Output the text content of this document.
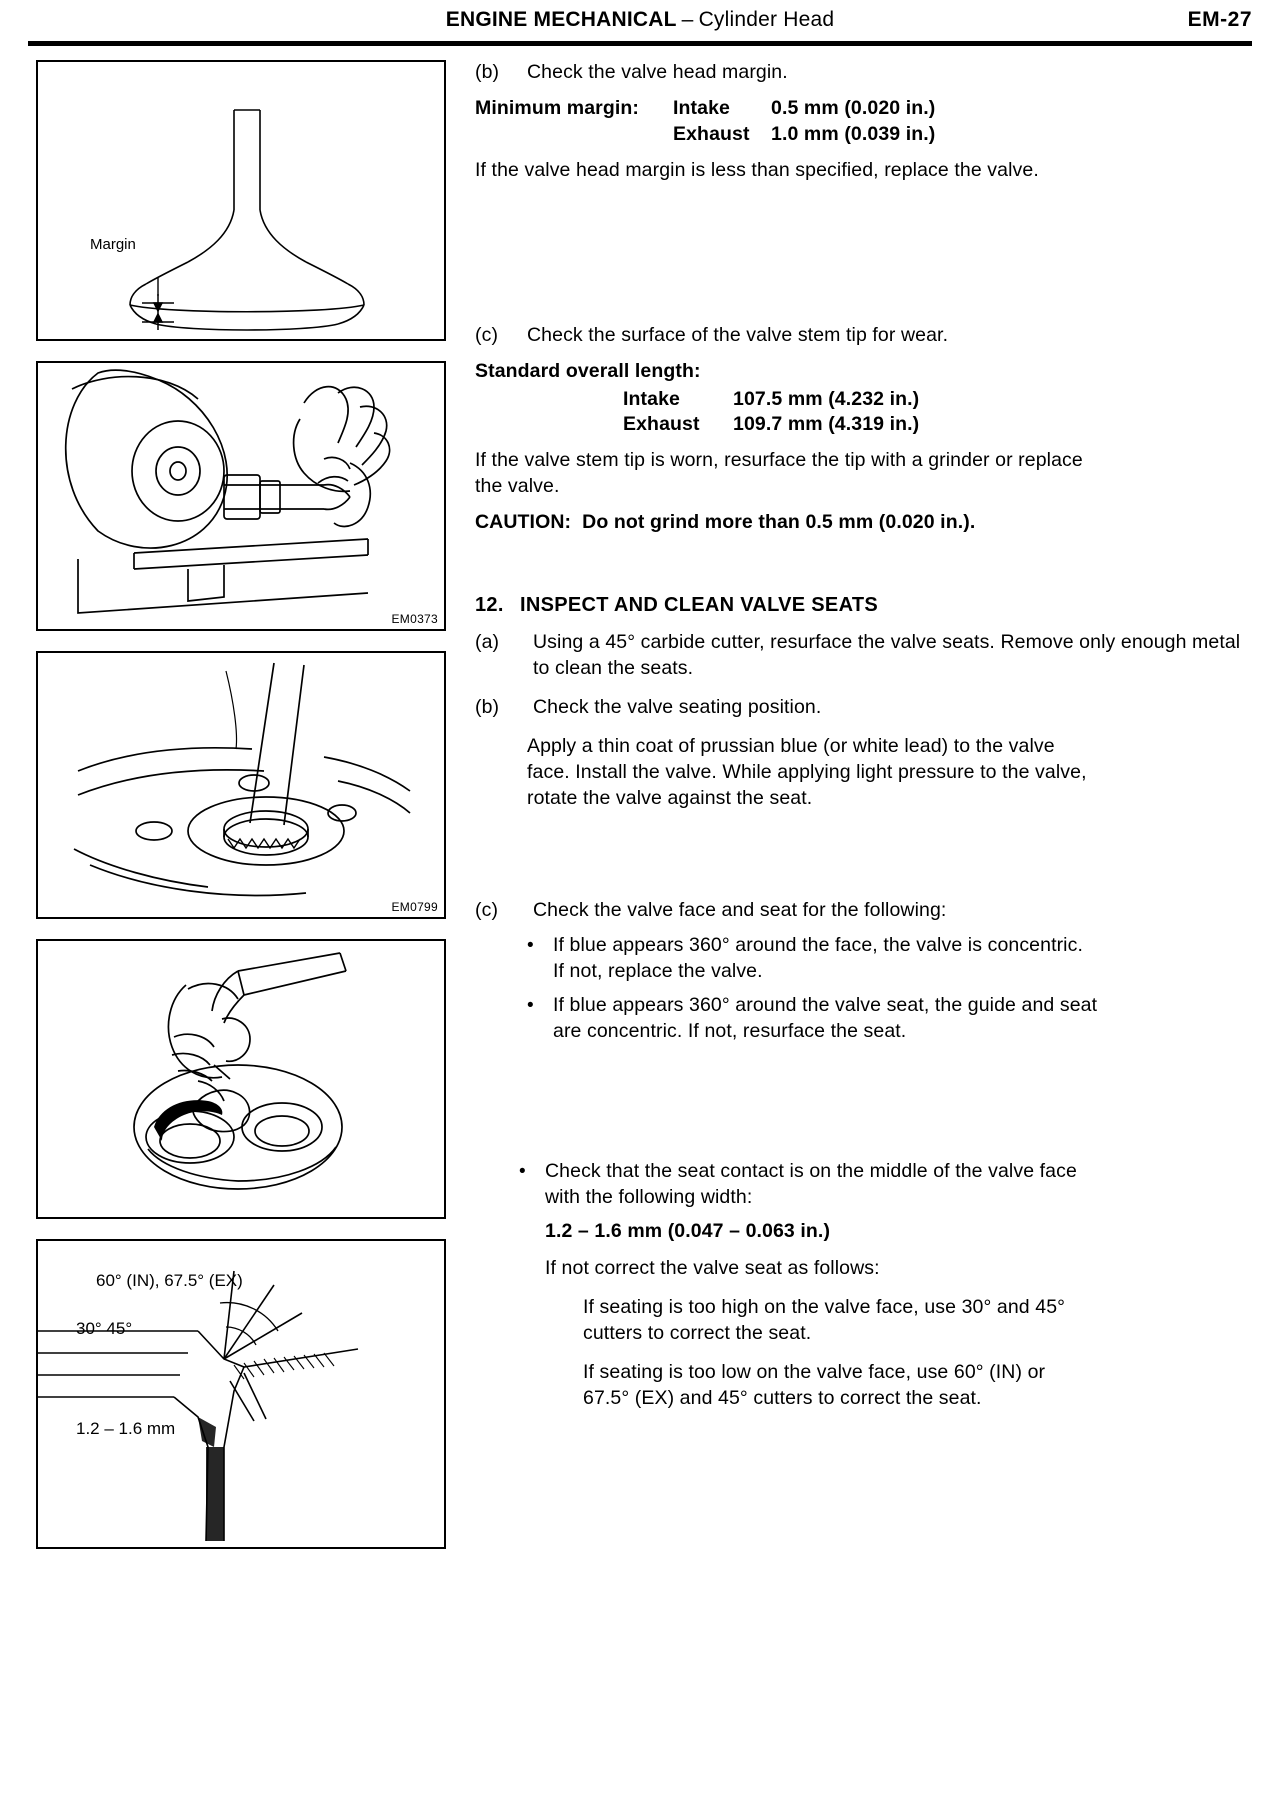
ENGINE MECHANICAL – Cylinder Head	EM-27
Margin
EM0373
EM0799
60° (IN), 67.5° (EX)
30° 45°
1.2 – 1.6 mm
(b)	Check the valve head margin.
Minimum margin:	Intake	0.5 mm (0.020 in.)

Exhaust	1.0 mm (0.039 in.)
If the valve head margin is less than specified, replace the valve.
(c)	Check the surface of the valve stem tip for wear.
Standard overall length:

Intake	107.5 mm (4.232 in.)

Exhaust	109.7 mm (4.319 in.)
If the valve stem tip is worn, resurface the tip with a grinder or replace the valve.
CAUTION: Do not grind more than 0.5 mm (0.020 in.).
12. INSPECT AND CLEAN VALVE SEATS
(a)	Using a 45° carbide cutter, resurface the valve seats. Remove only enough metal to clean the seats.
(b)	Check the valve seating position.
Apply a thin coat of prussian blue (or white lead) to the valve face. Install the valve. While applying light pressure to the valve, rotate the valve against the seat.
(c)	Check the valve face and seat for the following:
• If blue appears 360° around the face, the valve is concentric. If not, replace the valve.
• If blue appears 360° around the valve seat, the guide and seat are concentric. If not, resurface the seat.
• Check that the seat contact is on the middle of the valve face with the following width:
1.2 – 1.6 mm (0.047 – 0.063 in.)
If not correct the valve seat as follows:
If seating is too high on the valve face, use 30° and 45° cutters to correct the seat.
If seating is too low on the valve face, use 60° (IN) or 67.5° (EX) and 45° cutters to correct the seat.
